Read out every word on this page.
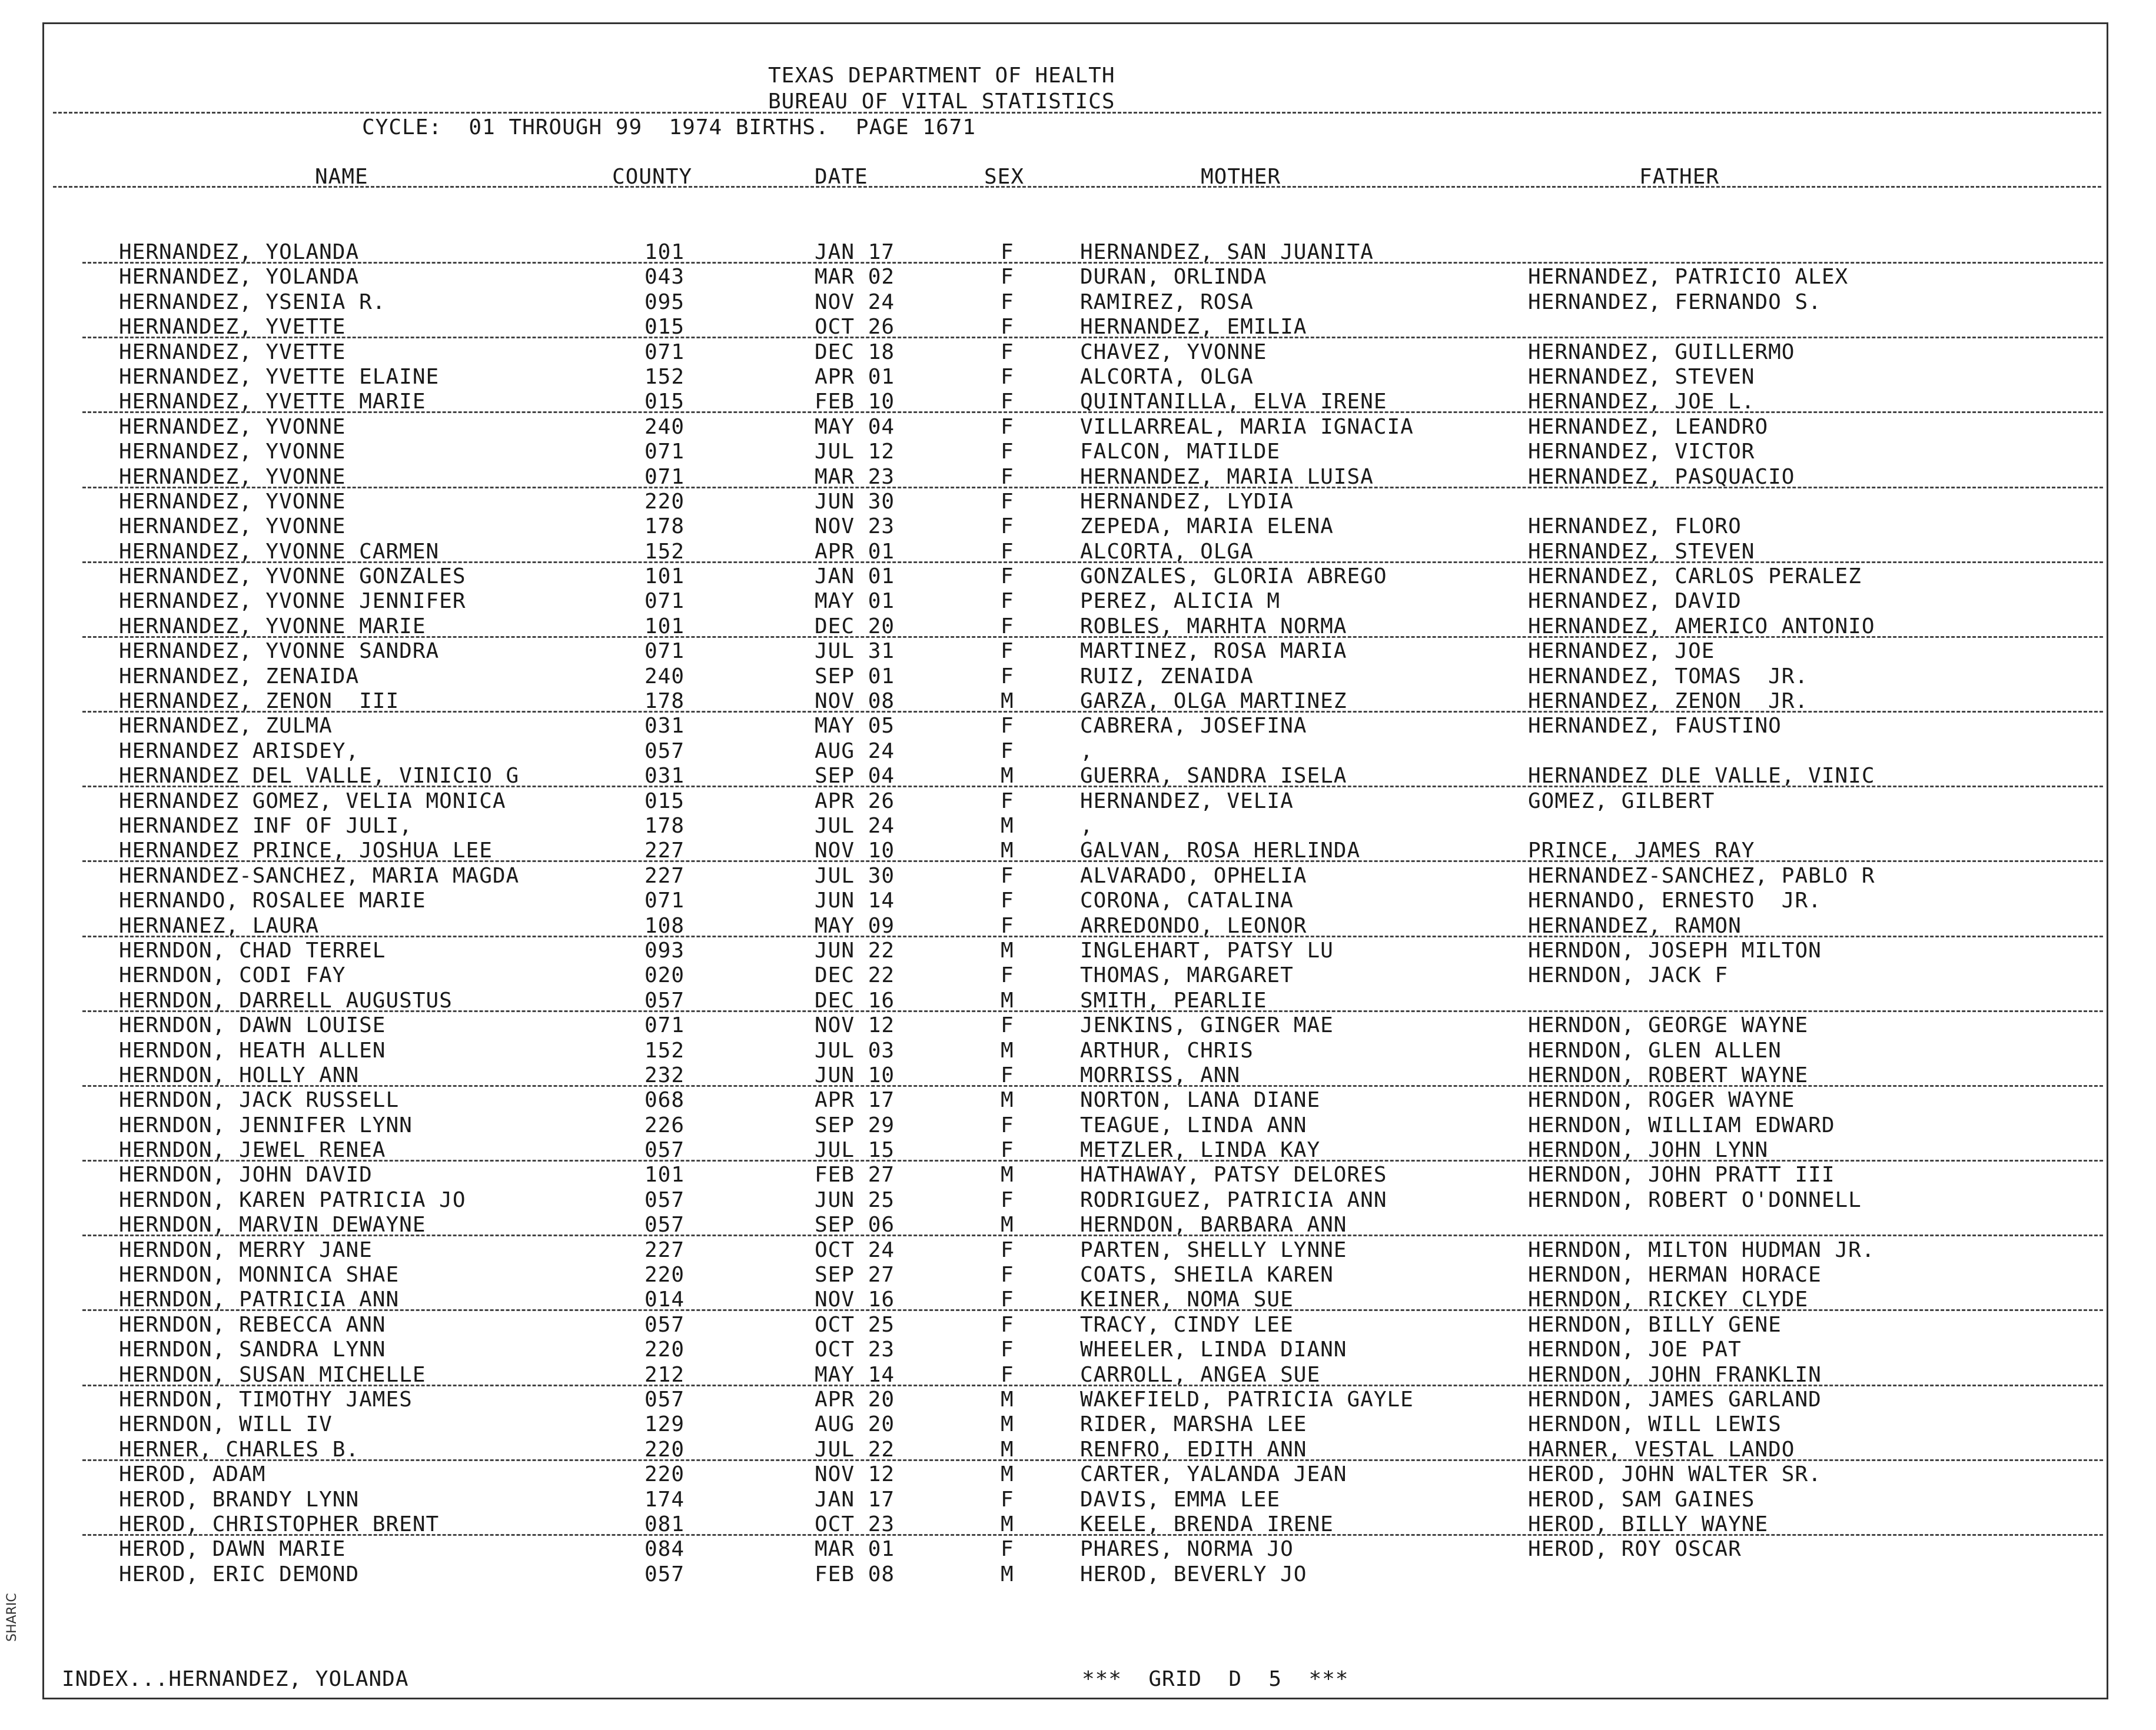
SHARIC
TEXAS DEPARTMENT OF HEALTH
BUREAU OF VITAL STATISTICS
CYCLE:  01 THROUGH 99  1974 BIRTHS.  PAGE 1671
NAME	COUNTY	DATE	SEX	MOTHER	FATHER
HERNANDEZ, YOLANDA	101	JAN 17	F	HERNANDEZ, SAN JUANITA
HERNANDEZ, YOLANDA	043	MAR 02	F	DURAN, ORLINDA	HERNANDEZ, PATRICIO ALEX
HERNANDEZ, YSENIA R.	095	NOV 24	F	RAMIREZ, ROSA	HERNANDEZ, FERNANDO S.
HERNANDEZ, YVETTE	015	OCT 26	F	HERNANDEZ, EMILIA
HERNANDEZ, YVETTE	071	DEC 18	F	CHAVEZ, YVONNE	HERNANDEZ, GUILLERMO
HERNANDEZ, YVETTE ELAINE	152	APR 01	F	ALCORTA, OLGA	HERNANDEZ, STEVEN
HERNANDEZ, YVETTE MARIE	015	FEB 10	F	QUINTANILLA, ELVA IRENE	HERNANDEZ, JOE L.
HERNANDEZ, YVONNE	240	MAY 04	F	VILLARREAL, MARIA IGNACIA	HERNANDEZ, LEANDRO
HERNANDEZ, YVONNE	071	JUL 12	F	FALCON, MATILDE	HERNANDEZ, VICTOR
HERNANDEZ, YVONNE	071	MAR 23	F	HERNANDEZ, MARIA LUISA	HERNANDEZ, PASQUACIO
HERNANDEZ, YVONNE	220	JUN 30	F	HERNANDEZ, LYDIA
HERNANDEZ, YVONNE	178	NOV 23	F	ZEPEDA, MARIA ELENA	HERNANDEZ, FLORO
HERNANDEZ, YVONNE CARMEN	152	APR 01	F	ALCORTA, OLGA	HERNANDEZ, STEVEN
HERNANDEZ, YVONNE GONZALES	101	JAN 01	F	GONZALES, GLORIA ABREGO	HERNANDEZ, CARLOS PERALEZ
HERNANDEZ, YVONNE JENNIFER	071	MAY 01	F	PEREZ, ALICIA M	HERNANDEZ, DAVID
HERNANDEZ, YVONNE MARIE	101	DEC 20	F	ROBLES, MARHTA NORMA	HERNANDEZ, AMERICO ANTONIO
HERNANDEZ, YVONNE SANDRA	071	JUL 31	F	MARTINEZ, ROSA MARIA	HERNANDEZ, JOE
HERNANDEZ, ZENAIDA	240	SEP 01	F	RUIZ, ZENAIDA	HERNANDEZ, TOMAS  JR.
HERNANDEZ, ZENON  III	178	NOV 08	M	GARZA, OLGA MARTINEZ	HERNANDEZ, ZENON  JR.
HERNANDEZ, ZULMA	031	MAY 05	F	CABRERA, JOSEFINA	HERNANDEZ, FAUSTINO
HERNANDEZ ARISDEY,	057	AUG 24	F	,
HERNANDEZ DEL VALLE, VINICIO G	031	SEP 04	M	GUERRA, SANDRA ISELA	HERNANDEZ DLE VALLE, VINIC
HERNANDEZ GOMEZ, VELIA MONICA	015	APR 26	F	HERNANDEZ, VELIA	GOMEZ, GILBERT
HERNANDEZ INF OF JULI,	178	JUL 24	M	,
HERNANDEZ PRINCE, JOSHUA LEE	227	NOV 10	M	GALVAN, ROSA HERLINDA	PRINCE, JAMES RAY
HERNANDEZ-SANCHEZ, MARIA MAGDA	227	JUL 30	F	ALVARADO, OPHELIA	HERNANDEZ-SANCHEZ, PABLO R
HERNANDO, ROSALEE MARIE	071	JUN 14	F	CORONA, CATALINA	HERNANDO, ERNESTO  JR.
HERNANEZ, LAURA	108	MAY 09	F	ARREDONDO, LEONOR	HERNANDEZ, RAMON
HERNDON, CHAD TERREL	093	JUN 22	M	INGLEHART, PATSY LU	HERNDON, JOSEPH MILTON
HERNDON, CODI FAY	020	DEC 22	F	THOMAS, MARGARET	HERNDON, JACK F
HERNDON, DARRELL AUGUSTUS	057	DEC 16	M	SMITH, PEARLIE
HERNDON, DAWN LOUISE	071	NOV 12	F	JENKINS, GINGER MAE	HERNDON, GEORGE WAYNE
HERNDON, HEATH ALLEN	152	JUL 03	M	ARTHUR, CHRIS	HERNDON, GLEN ALLEN
HERNDON, HOLLY ANN	232	JUN 10	F	MORRISS, ANN	HERNDON, ROBERT WAYNE
HERNDON, JACK RUSSELL	068	APR 17	M	NORTON, LANA DIANE	HERNDON, ROGER WAYNE
HERNDON, JENNIFER LYNN	226	SEP 29	F	TEAGUE, LINDA ANN	HERNDON, WILLIAM EDWARD
HERNDON, JEWEL RENEA	057	JUL 15	F	METZLER, LINDA KAY	HERNDON, JOHN LYNN
HERNDON, JOHN DAVID	101	FEB 27	M	HATHAWAY, PATSY DELORES	HERNDON, JOHN PRATT III
HERNDON, KAREN PATRICIA JO	057	JUN 25	F	RODRIGUEZ, PATRICIA ANN	HERNDON, ROBERT O'DONNELL
HERNDON, MARVIN DEWAYNE	057	SEP 06	M	HERNDON, BARBARA ANN
HERNDON, MERRY JANE	227	OCT 24	F	PARTEN, SHELLY LYNNE	HERNDON, MILTON HUDMAN JR.
HERNDON, MONNICA SHAE	220	SEP 27	F	COATS, SHEILA KAREN	HERNDON, HERMAN HORACE
HERNDON, PATRICIA ANN	014	NOV 16	F	KEINER, NOMA SUE	HERNDON, RICKEY CLYDE
HERNDON, REBECCA ANN	057	OCT 25	F	TRACY, CINDY LEE	HERNDON, BILLY GENE
HERNDON, SANDRA LYNN	220	OCT 23	F	WHEELER, LINDA DIANN	HERNDON, JOE PAT
HERNDON, SUSAN MICHELLE	212	MAY 14	F	CARROLL, ANGEA SUE	HERNDON, JOHN FRANKLIN
HERNDON, TIMOTHY JAMES	057	APR 20	M	WAKEFIELD, PATRICIA GAYLE	HERNDON, JAMES GARLAND
HERNDON, WILL IV	129	AUG 20	M	RIDER, MARSHA LEE	HERNDON, WILL LEWIS
HERNER, CHARLES B.	220	JUL 22	M	RENFRO, EDITH ANN	HARNER, VESTAL LANDO
HEROD, ADAM	220	NOV 12	M	CARTER, YALANDA JEAN	HEROD, JOHN WALTER SR.
HEROD, BRANDY LYNN	174	JAN 17	F	DAVIS, EMMA LEE	HEROD, SAM GAINES
HEROD, CHRISTOPHER BRENT	081	OCT 23	M	KEELE, BRENDA IRENE	HEROD, BILLY WAYNE
HEROD, DAWN MARIE	084	MAR 01	F	PHARES, NORMA JO	HEROD, ROY OSCAR
HEROD, ERIC DEMOND	057	FEB 08	M	HEROD, BEVERLY JO
INDEX...HERNANDEZ, YOLANDA	***  GRID  D  5  ***
